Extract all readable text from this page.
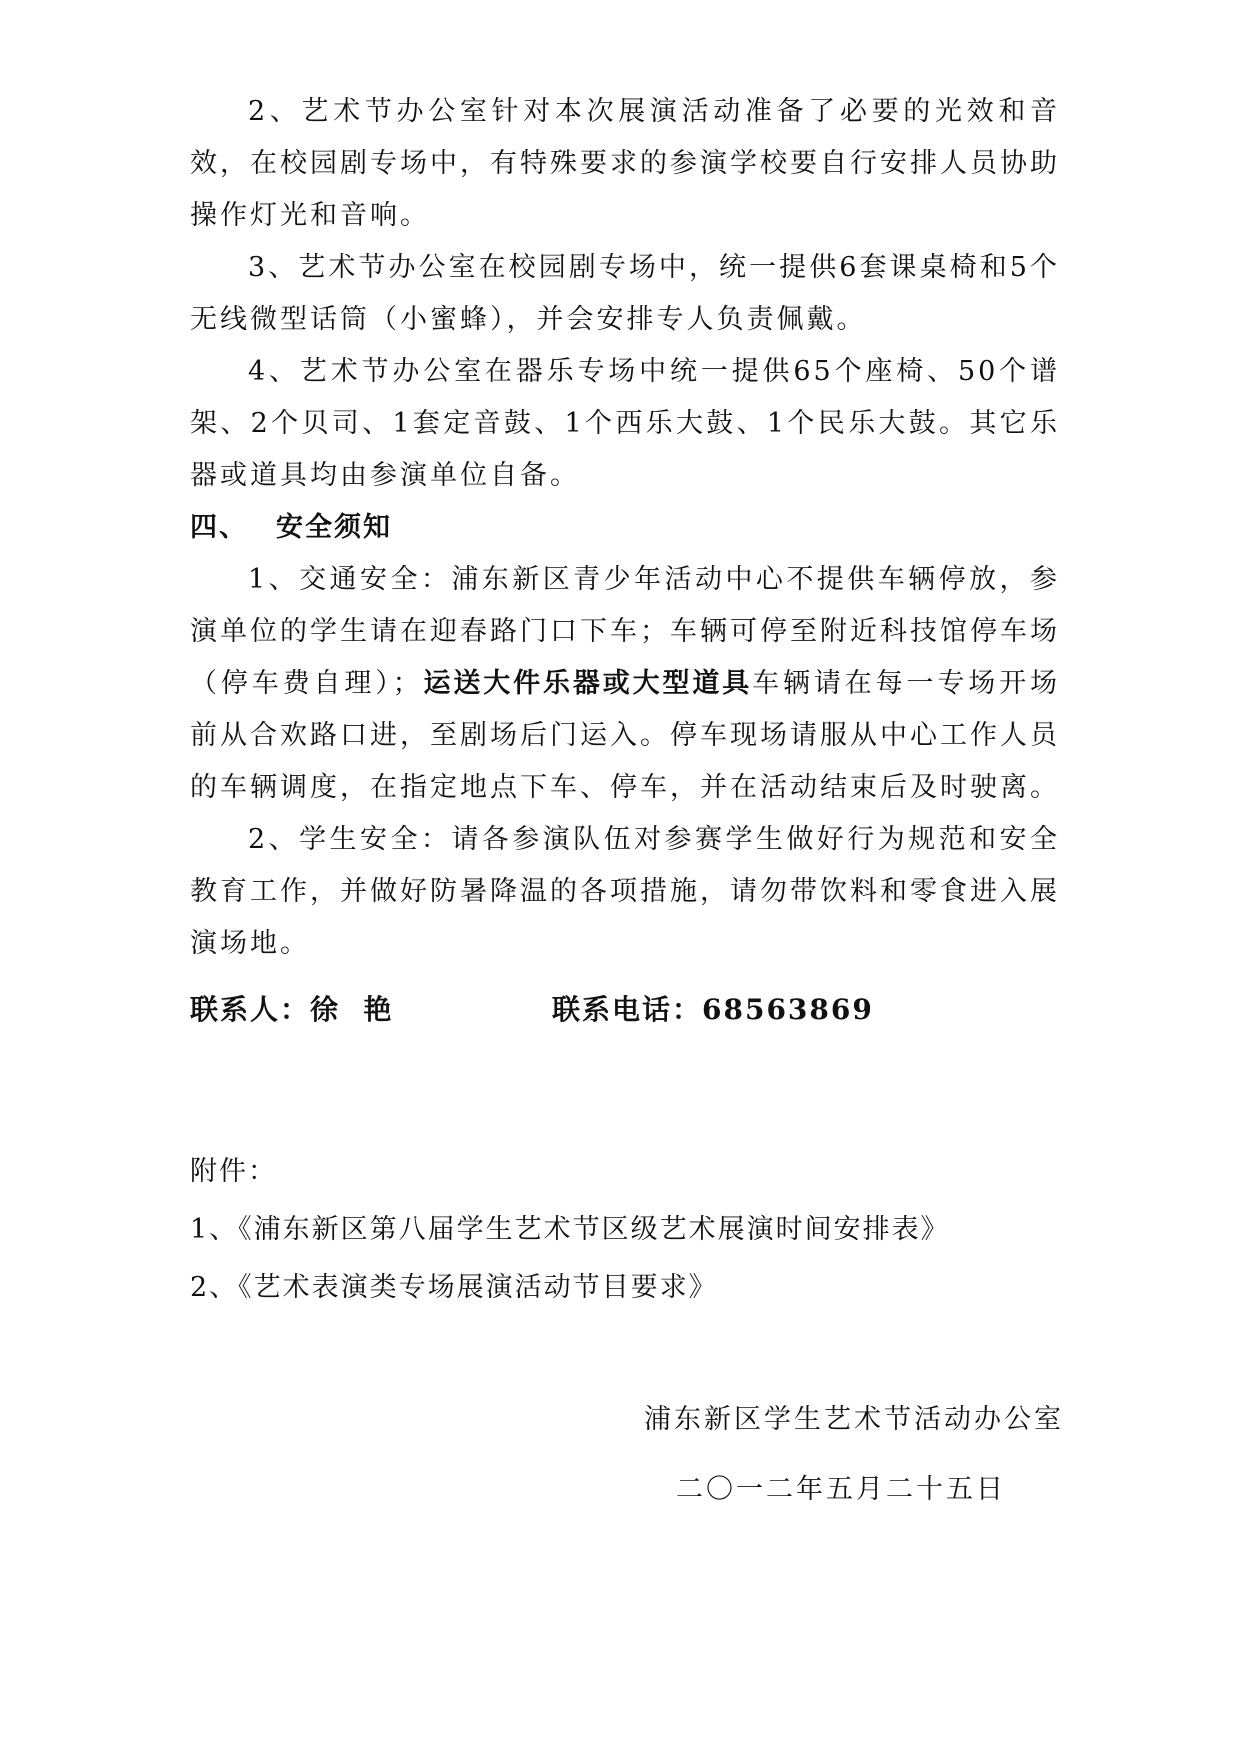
2、艺术节办公室针对本次展演活动准备了必要的光效和音效，在校园剧专场中，有特殊要求的参演学校要自行安排人员协助操作灯光和音响。

3、艺术节办公室在校园剧专场中，统一提供6套课桌椅和5个无线微型话筒（小蜜蜂），并会安排专人负责佩戴。

4、艺术节办公室在器乐专场中统一提供65个座椅、50个谱架、2个贝司、1套定音鼓、1个西乐大鼓、1个民乐大鼓。其它乐器或道具均由参演单位自备。

四、 安全须知

1、交通安全：浦东新区青少年活动中心不提供车辆停放，参演单位的学生请在迎春路门口下车；车辆可停至附近科技馆停车场（停车费自理）；运送大件乐器或大型道具车辆请在每一专场开场前从合欢路口进，至剧场后门运入。停车现场请服从中心工作人员的车辆调度，在指定地点下车、停车，并在活动结束后及时驶离。

2、学生安全：请各参演队伍对参赛学生做好行为规范和安全教育工作，并做好防暑降温的各项措施，请勿带饮料和零食进入展演场地。

联系人：徐  艳	联系电话：68563869
附件：
1、《浦东新区第八届学生艺术节区级艺术展演时间安排表》
2、《艺术表演类专场展演活动节目要求》
浦东新区学生艺术节活动办公室
二〇一二年五月二十五日
